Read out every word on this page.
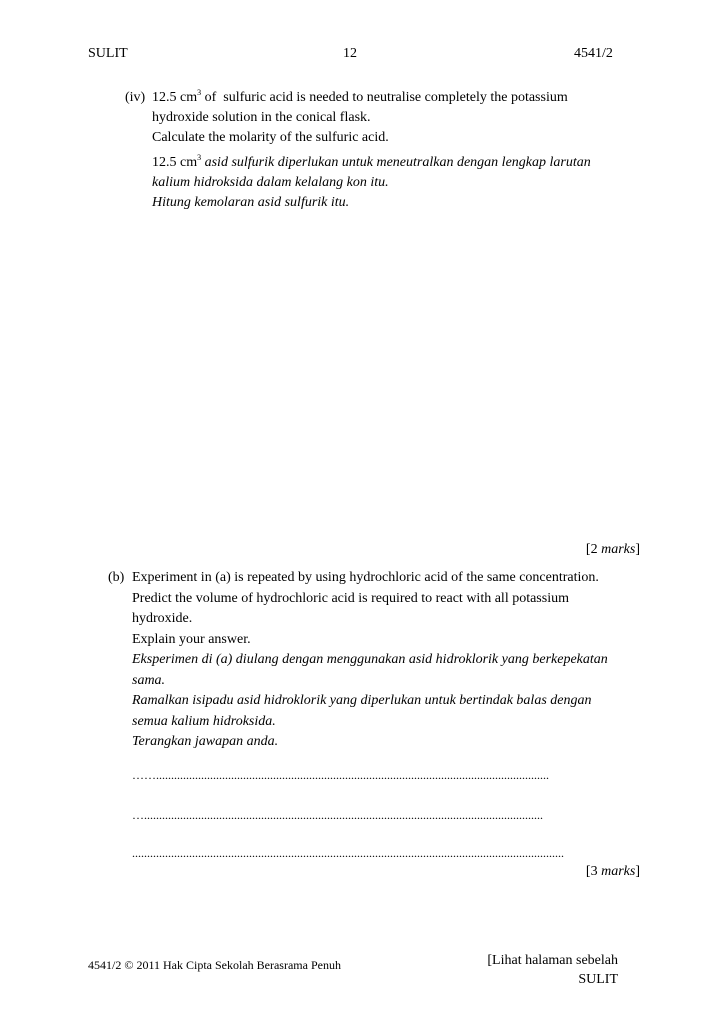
SULIT	12	4541/2
(iv) 12.5 $cm^3$ of  sulfuric acid is needed to neutralise completely the potassium
hydroxide solution in the conical flask.
Calculate the molarity of the sulfuric acid.
12.5 $cm^3$ asid sulfurik diperlukan untuk meneutralkan dengan lengkap larutan
kalium hidroksida dalam kelalang kon itu.
Hitung kemolaran asid sulfurik itu.
[2 marks]
(b) Experiment in (a) is repeated by using hydrochloric acid of the same concentration.
Predict the volume of hydrochloric acid is required to react with all potassium
hydroxide.
Explain your answer.
Eksperimen di (a) diulang dengan menggunakan asid hidroklorik yang berkepekatan
sama.
Ramalkan isipadu asid hidroklorik yang diperlukan untuk bertindak balas dengan
semua kalium hidroksida.
Terangkan jawapan anda.
……...................................................................................................................................
….....................................................................................................................................
................................................................................................................................................
[3 marks]
4541/2 © 2011 Hak Cipta Sekolah Berasrama Penuh	[Lihat halaman sebelah
SULIT
